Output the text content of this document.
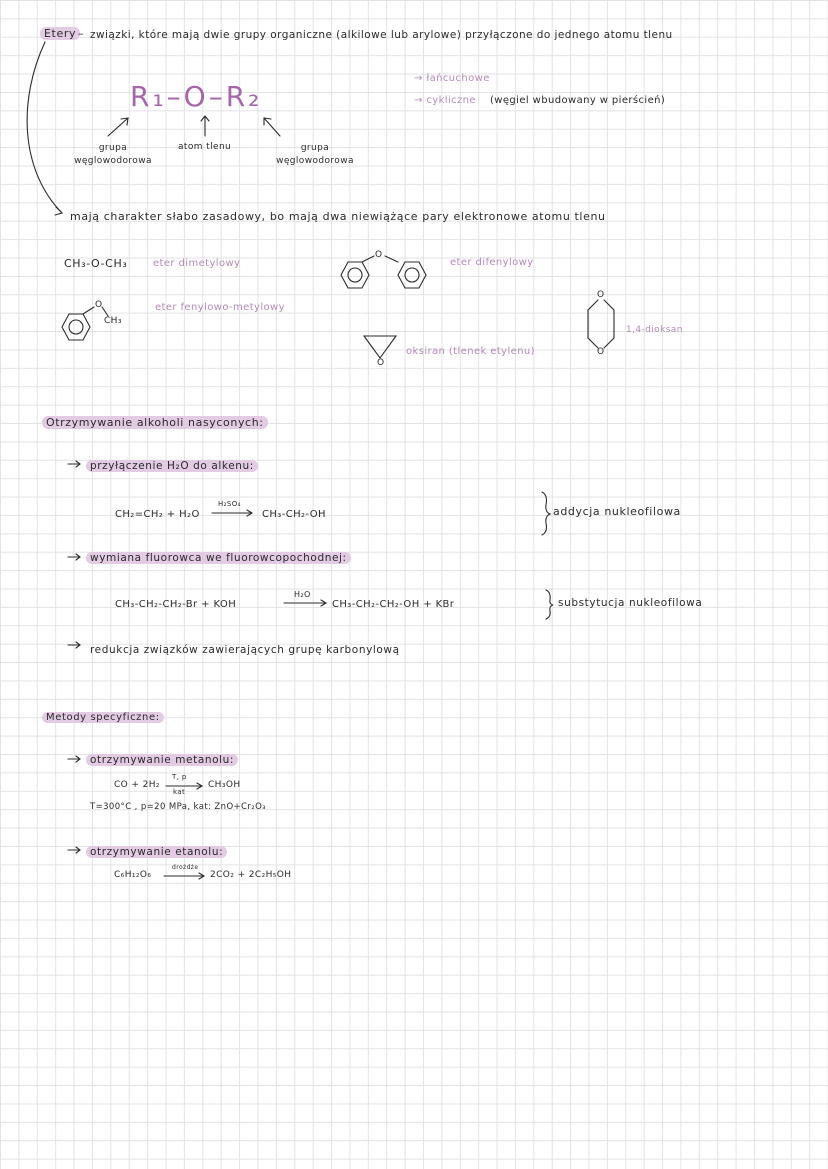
Etery – związki, które mają dwie grupy organiczne (alkilowe lub arylowe) przyłączone do jednego atomu tlenu
R₁–O–R₂
grupa węglowodorowa
atom tlenu	grupa węglowodorowa
→ łańcuchowe
→ cykliczne (węgiel wbudowany w pierścień)
mają charakter słabo zasadowy, bo mają dwa niewiążące pary elektronowe atomu tlenu
CH₃-O-CH₃	eter dimetylowy	eter difenylowy
eter fenylowo-metylowy
CH₃
oksiran (tlenek etylenu)
1,4-dioksan
O
O
O
O
O
Otrzymywanie alkoholi nasyconych:
przyłączenie H₂O do alkenu:
CH₂=CH₂ + H₂O
H₂SO₄
CH₃-CH₂-OH	addycja nukleofilowa
wymiana fluorowca we fluorowcopochodnej:
CH₃-CH₂-CH₂-Br + KOH
H₂O
CH₃-CH₂-CH₂-OH + KBr	substytucja nukleofilowa
redukcja związków zawierających grupę karbonylową
Metody specyficzne:
otrzymywanie metanolu:
CO + 2H₂
T, p
kat
CH₃OH
T=300°C , p=20 MPa, kat: ZnO+Cr₂O₃
otrzymywanie etanolu:
C₆H₁₂O₆
drożdże
2CO₂ + 2C₂H₅OH
